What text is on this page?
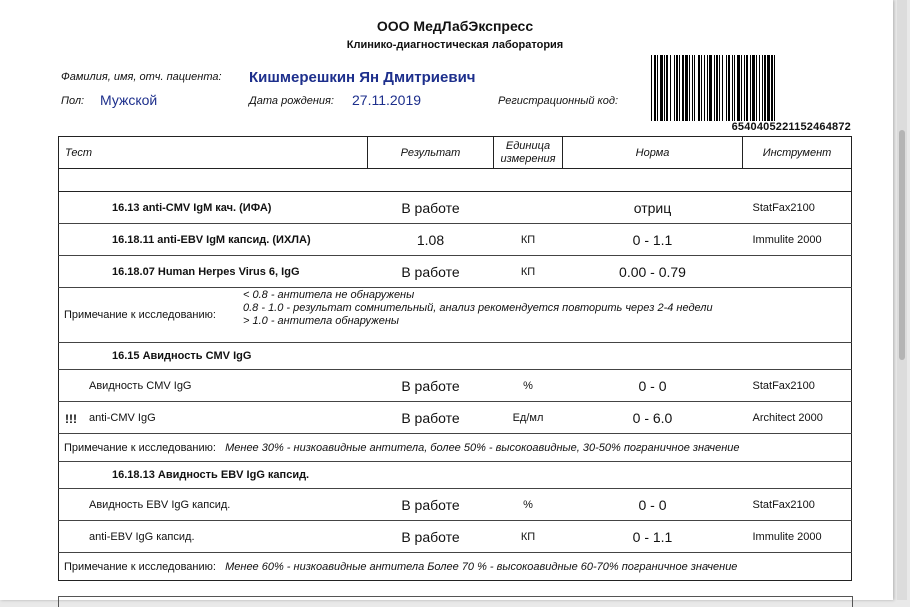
ООО МедЛабЭкспресс
Клинико-диагностическая лаборатория
Фамилия, имя, отч. пациента: Кишмерешкин Ян Дмитриевич
Пол: Мужской	Дата рождения: 27.11.2019	Регистрационный код:
6540405221152464872
Тест	Результат	Единица измерения	Норма	Инструмент

16.13 anti-CMV IgM кач. (ИФА)	В работе		отриц	StatFax2100
16.18.11 anti-EBV IgM капсид. (ИХЛА)	1.08	КП	0 - 1.1	Immulite 2000
16.18.07 Human Herpes Virus 6, IgG	В работе	КП	0.00 - 0.79	

Примечание к исследованию:
< 0.8 - антитела не обнаружены
0.8 - 1.0 - результат сомнительный, анализ рекомендуется повторить через 2-4 недели
> 1.0 - антитела обнаружены				

16.15 Авидность CMV IgG				
Авидность CMV IgG	В работе	%	0 - 0	StatFax2100

!!! anti-CMV IgG	В работе	Ед/мл	0 - 6.0	Architect 2000
Примечание к исследованию: Менее 30% - низкоавидные антитела, более 50% - высокоавидные, 30-50% пограничное значение				
16.18.13 Авидность EBV IgG капсид.				
Авидность EBV IgG капсид.	В работе	%	0 - 0	StatFax2100
anti-EBV IgG капсид.	В работе	КП	0 - 1.1	Immulite 2000
Примечание к исследованию: Менее 60% - низкоавидные антитела Более 70 % - высокоавидные 60-70% пограничное значение				
